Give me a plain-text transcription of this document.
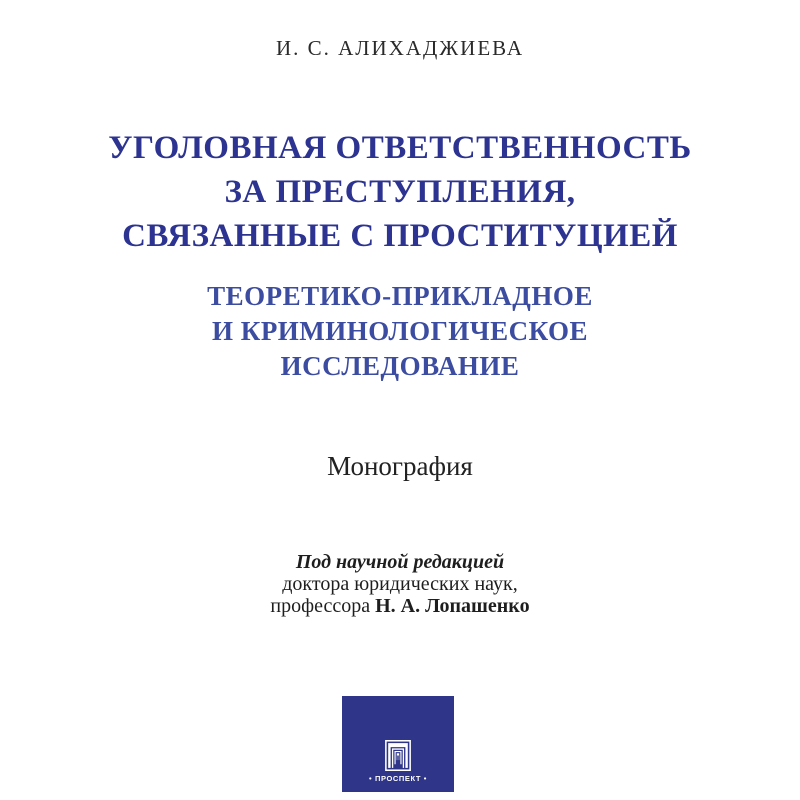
И. С. АЛИХАДЖИЕВА
УГОЛОВНАЯ ОТВЕТСТВЕННОСТЬ
ЗА ПРЕСТУПЛЕНИЯ,
СВЯЗАННЫЕ С ПРОСТИТУЦИЕЙ
ТЕОРЕТИКО-ПРИКЛАДНОЕ
И КРИМИНОЛОГИЧЕСКОЕ
ИССЛЕДОВАНИЕ
Монография
Под научной редакцией
доктора юридических наук,
профессора Н. А. Лопашенко
• ПРОСПЕКТ •
